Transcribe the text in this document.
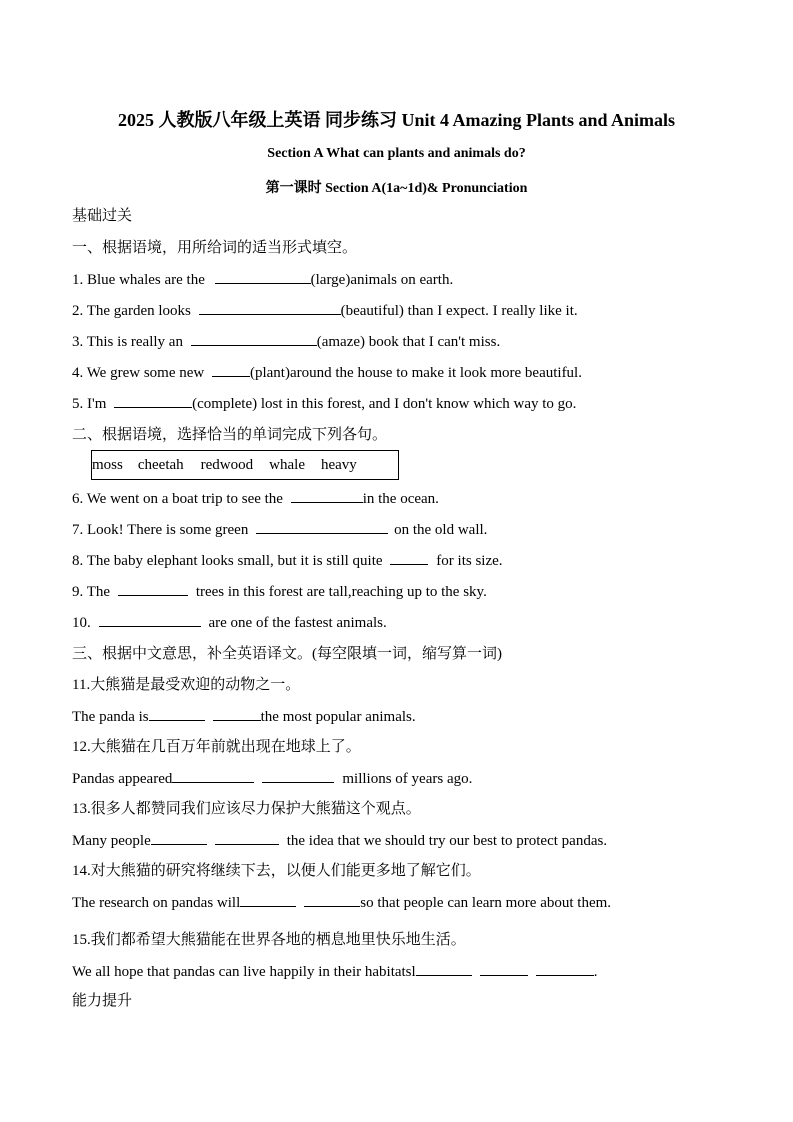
2025 人教版八年级上英语 同步练习 Unit 4 Amazing Plants and Animals
Section A What can plants and animals do?
第一课时 Section A(1a~1d)& Pronunciation
基础过关
一、根据语境，用所给词的适当形式填空。
1. Blue whales are the	(large)animals on earth.
2. The garden looks	(beautiful) than I expect. I really like it.
3. This is really an	(amaze) book that I can't miss.
4. We grew some new	(plant)around the house to make it look more beautiful.
5. I'm	(complete) lost in this forest, and I don't know which way to go.
二、根据语境，选择恰当的单词完成下列各句。
moss cheetah redwood whale heavy
6. We went on a boat trip to see the	in the ocean.
7. Look! There is some green	on the old wall.
8. The baby elephant looks small, but it is still quite	for its size.
9. The	trees in this forest are tall,reaching up to the sky.
10.	are one of the fastest animals.
三、根据中文意思，补全英语译文。(每空限填一词，缩写算一词)
11.大熊猫是最受欢迎的动物之一。
The panda is	the most popular animals.
12.大熊猫在几百万年前就出现在地球上了。
Pandas appeared	millions of years ago.
13.很多人都赞同我们应该尽力保护大熊猫这个观点。
Many people	the idea that we should try our best to protect pandas.
14.对大熊猫的研究将继续下去，以便人们能更多地了解它们。
The research on pandas will	so that people can learn more about them.
15.我们都希望大熊猫能在世界各地的栖息地里快乐地生活。
We all hope that pandas can live happily in their habitatsl	.
能力提升
